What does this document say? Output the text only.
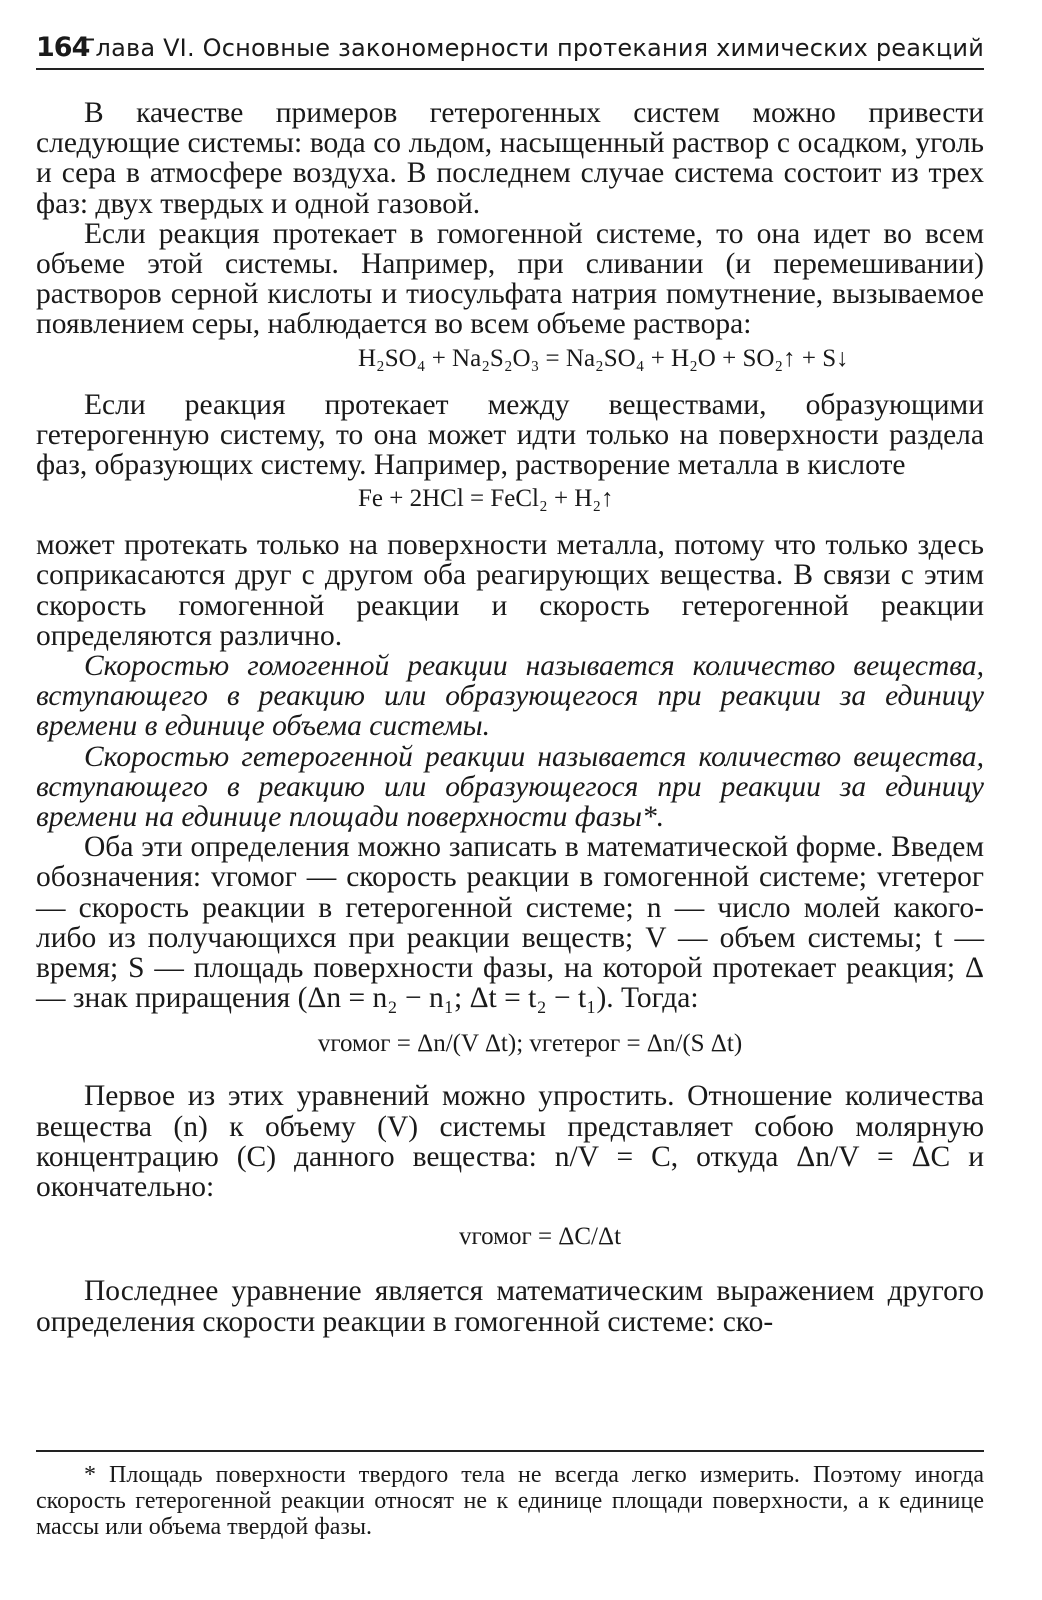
164
Глава VI. Основные закономерности протекания химических реакций

В качестве примеров гетерогенных систем можно привести следующие системы: вода со льдом, насыщенный раствор с осадком, уголь и сера в атмосфере воздуха. В последнем случае система состоит из трех фаз: двух твердых и одной газовой.

Если реакция протекает в гомогенной системе, то она идет во всем объеме этой системы. Например, при сливании (и перемешивании) растворов серной кислоты и тиосульфата натрия помутнение, вызываемое появлением серы, наблюдается во всем объеме раствора:

H₂SO₄ + Na₂S₂O₃ = Na₂SO₄ + H₂O + SO₂↑ + S↓

Если реакция протекает между веществами, образующими гетерогенную систему, то она может идти только на поверхности раздела фаз, образующих систему. Например, растворение металла в кислоте

Fe + 2HCl = FeCl₂ + H₂↑

может протекать только на поверхности металла, потому что только здесь соприкасаются друг с другом оба реагирующих вещества. В связи с этим скорость гомогенной реакции и скорость гетерогенной реакции определяются различно.

Скоростью гомогенной реакции называется количество вещества, вступающего в реакцию или образующегося при реакции за единицу времени в единице объема системы.

Скоростью гетерогенной реакции называется количество вещества, вступающего в реакцию или образующегося при реакции за единицу времени на единице площади поверхности фазы*.

Оба эти определения можно записать в математической форме. Введем обозначения: vгомог — скорость реакции в гомогенной системе; vгетерог — скорость реакции в гетерогенной системе; n — число молей какого-либо из получающихся при реакции веществ; V — объем системы; t — время; S — площадь поверхности фазы, на которой протекает реакция; Δ — знак приращения (Δn = n₂ − n₁; Δt = t₂ − t₁). Тогда:

vгомог = Δn/(V Δt); vгетерог = Δn/(S Δt)

Первое из этих уравнений можно упростить. Отношение количества вещества (n) к объему (V) системы представляет собою молярную концентрацию (C) данного вещества: n/V = C, откуда Δn/V = ΔC и окончательно:

vгомог = ΔC/Δt

Последнее уравнение является математическим выражением другого определения скорости реакции в гомогенной системе: ско-

* Площадь поверхности твердого тела не всегда легко измерить. Поэтому иногда скорость гетерогенной реакции относят не к единице площади поверхности, а к единице массы или объема твердой фазы.
